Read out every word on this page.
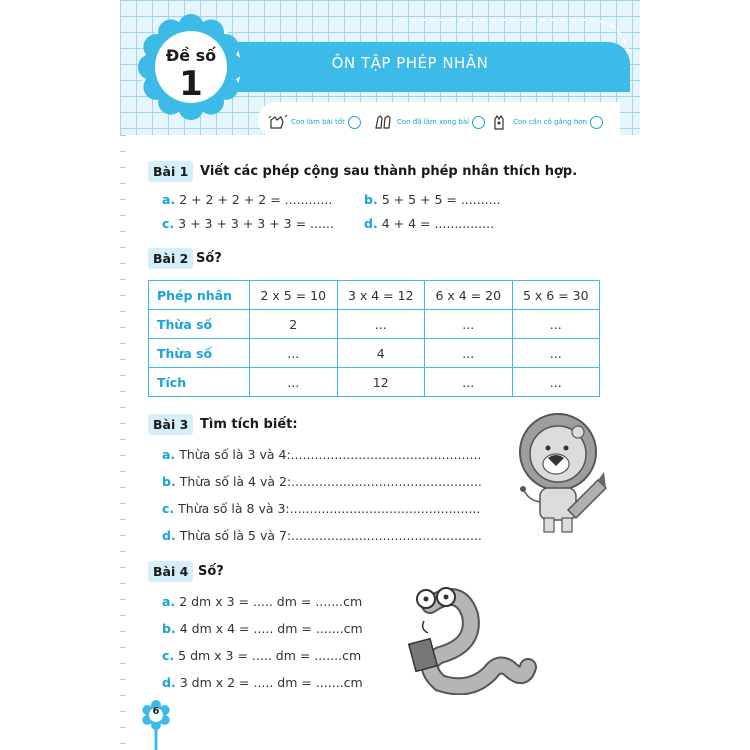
ÔN TẬP PHÉP NHÂN
Con làm bài tốt	Con đã làm xong bài	Con cần cố gắng hơn
Đề số
1
Bài 1 Viết các phép cộng sau thành phép nhân thích hợp.
a. 2 + 2 + 2 + 2 = ............	b. 5 + 5 + 5 = ..........
c. 3 + 3 + 3 + 3 + 3 = ...... d. 4 + 4 = ...............
Bài 2 Số?
Phép nhân	2 x 5 = 10	3 x 4 = 12	6 x 4 = 20	5 x 6 = 30
Thừa số	2	...	...	...
Thừa số	...	4	...	...
Tích	...	12	...	...
Bài 3 Tìm tích biết:
a. Thừa số là 3 và 4:................................................
b. Thừa số là 4 và 2:................................................
c. Thừa số là 8 và 3:................................................
d. Thừa số là 5 và 7:................................................
Bài 4 Số?
a. 2 dm x 3 = ..... dm = .......cm
b. 4 dm x 4 = ..... dm = .......cm
c. 5 dm x 3 = ..... dm = .......cm
d. 3 dm x 2 = ..... dm = .......cm
6
